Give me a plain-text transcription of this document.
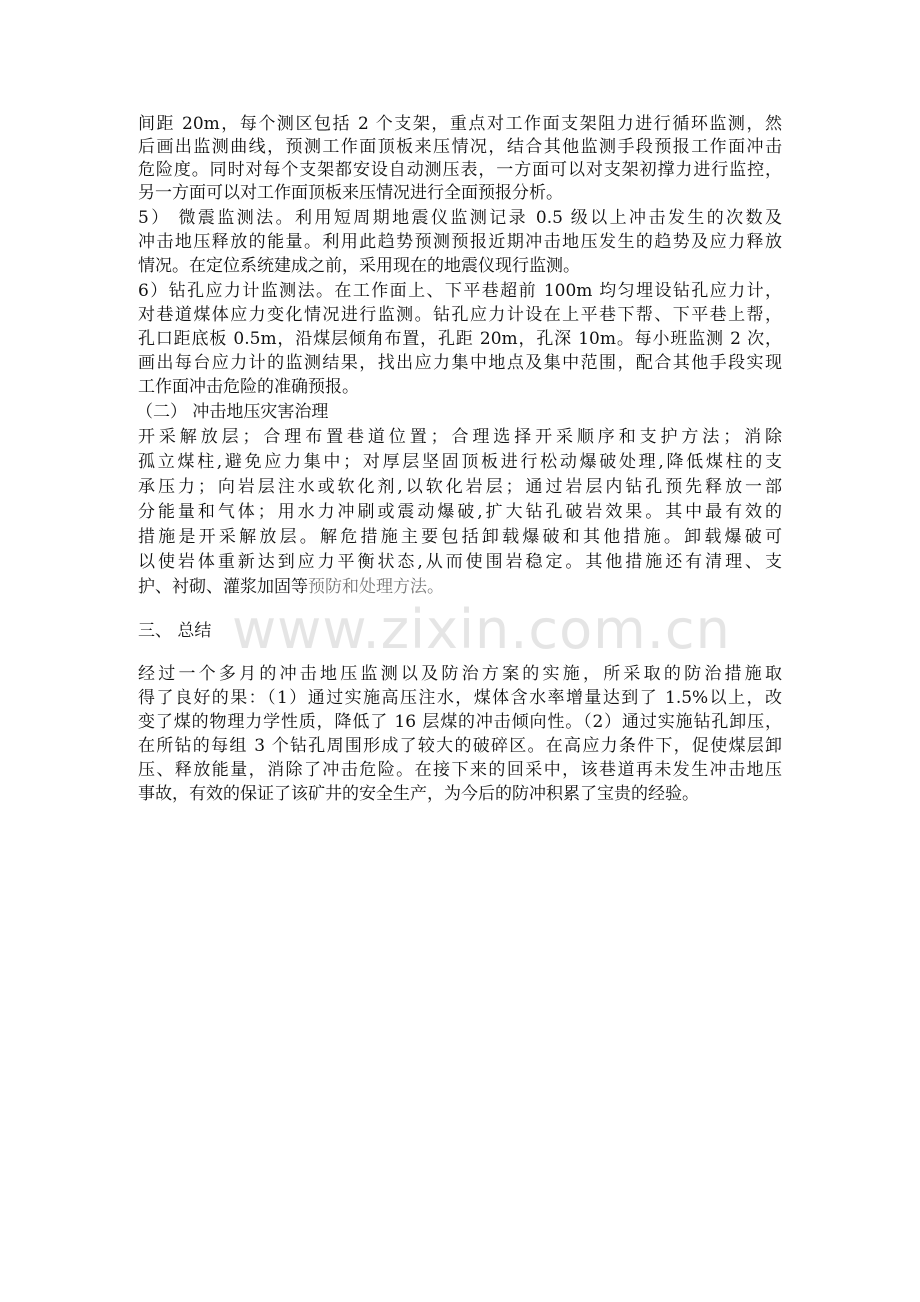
间距 20m，每个测区包括 2 个支架，重点对工作面支架阻力进行循环监测，然
后画出监测曲线，预测工作面顶板来压情况，结合其他监测手段预报工作面冲击
危险度。同时对每个支架都安设自动测压表，一方面可以对支架初撑力进行监控，
另一方面可以对工作面顶板来压情况进行全面预报分析。
5） 微震监测法。利用短周期地震仪监测记录 0.5 级以上冲击发生的次数及
冲击地压释放的能量。利用此趋势预测预报近期冲击地压发生的趋势及应力释放
情况。在定位系统建成之前，采用现在的地震仪现行监测。
6）钻孔应力计监测法。在工作面上、下平巷超前 100m 均匀埋设钻孔应力计，
对巷道煤体应力变化情况进行监测。钻孔应力计设在上平巷下帮、下平巷上帮，
孔口距底板 0.5m，沿煤层倾角布置，孔距 20m，孔深 10m。每小班监测 2 次，
画出每台应力计的监测结果，找出应力集中地点及集中范围，配合其他手段实现
工作面冲击危险的准确预报。
（二） 冲击地压灾害治理
开采解放层；合理布置巷道位置；合理选择开采顺序和支护方法；消除
孤立煤柱,避免应力集中；对厚层坚固顶板进行松动爆破处理,降低煤柱的支
承压力；向岩层注水或软化剂,以软化岩层；通过岩层内钻孔预先释放一部
分能量和气体；用水力冲刷或震动爆破,扩大钻孔破岩效果。其中最有效的
措施是开采解放层。解危措施主要包括卸载爆破和其他措施。卸载爆破可
以使岩体重新达到应力平衡状态,从而使围岩稳定。其他措施还有清理、支
护、衬砌、灌浆加固等预防和处理方法。
三、 总结 www.zixin.com.cn
经过一个多月的冲击地压监测以及防治方案的实施，所采取的防治措施取
得了良好的果：（1）通过实施高压注水，煤体含水率增量达到了 1.5%以上，改
变了煤的物理力学性质，降低了 16 层煤的冲击倾向性。（2）通过实施钻孔卸压，
在所钻的每组 3 个钻孔周围形成了较大的破碎区。在高应力条件下，促使煤层卸
压、释放能量，消除了冲击危险。在接下来的回采中，该巷道再未发生冲击地压
事故，有效的保证了该矿井的安全生产，为今后的防冲积累了宝贵的经验。
